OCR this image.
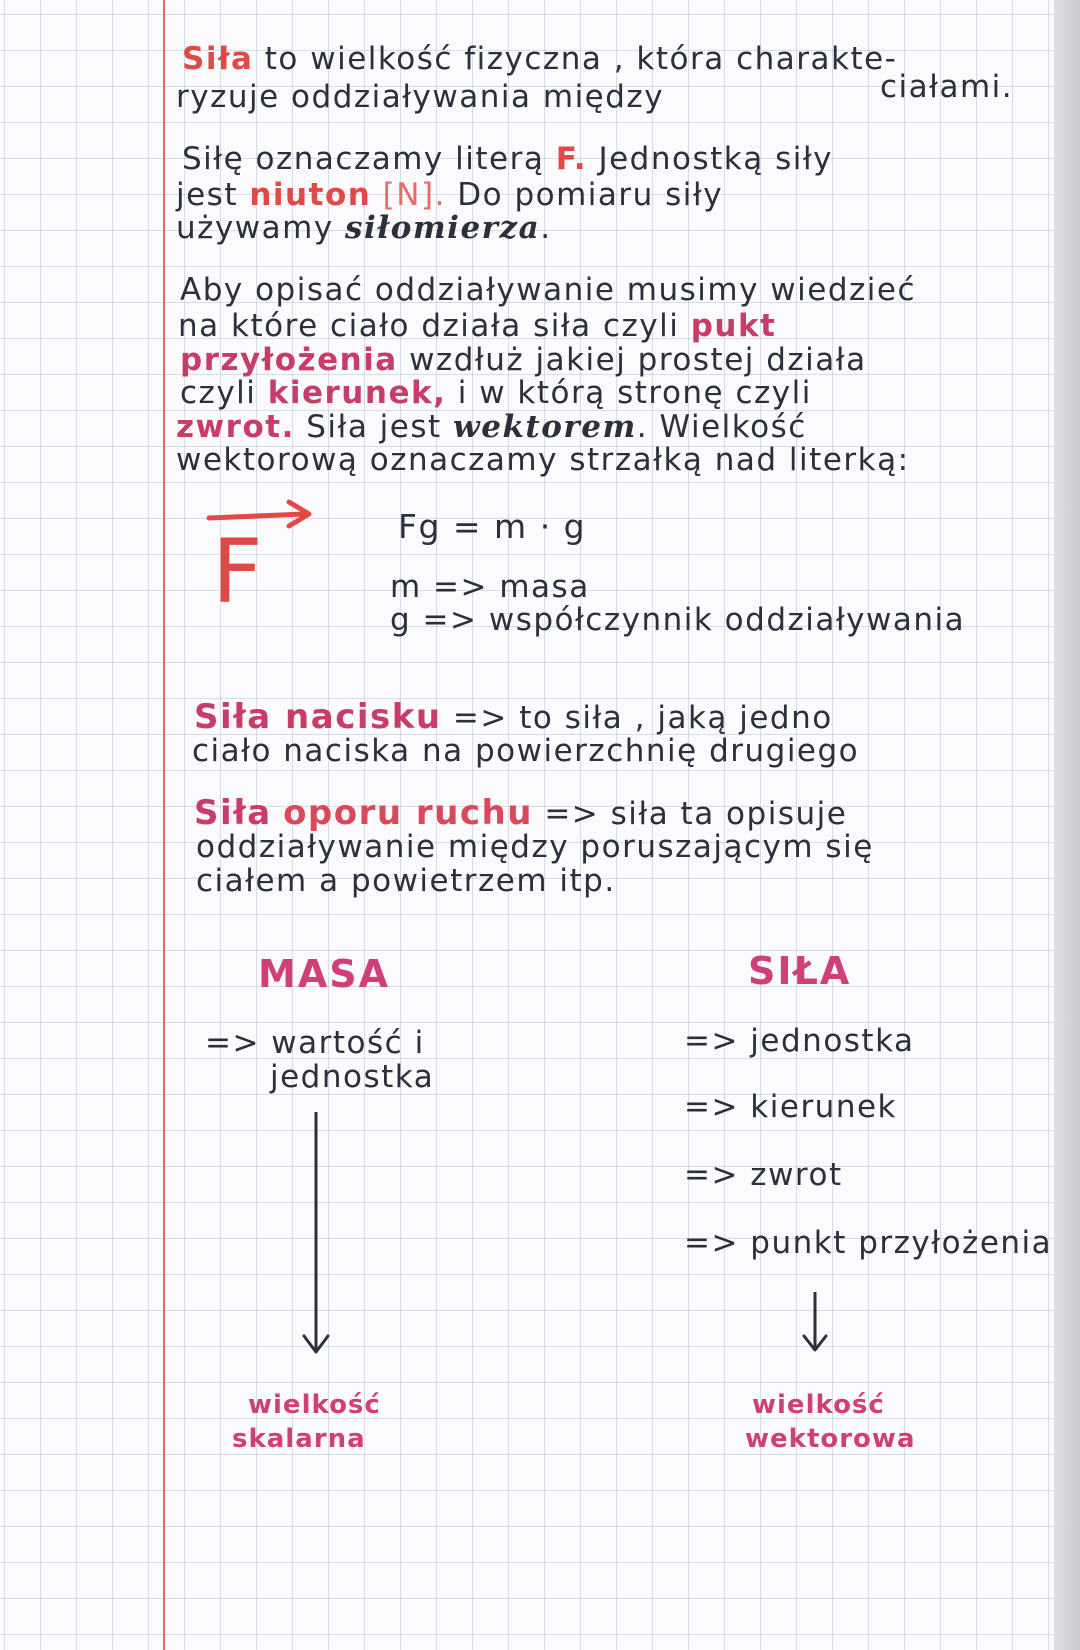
Siła to wielkość fizyczna , która charakte-
ryzuje oddziaływania między	ciałami.
Siłę oznaczamy literą F. Jednostką siły
jest niuton [N]. Do pomiaru siły
używamy siłomierza.
Aby opisać oddziaływanie musimy wiedzieć
na które ciało działa siła czyli pukt
przyłożenia wzdłuż jakiej prostej działa
czyli kierunek, i w którą stronę czyli
zwrot. Siła jest wektorem. Wielkość
wektorową oznaczamy strzałką nad literką:
F	Fg = m · g
m => masa
g => współczynnik oddziaływania
Siła nacisku => to siła , jaką jedno
ciało naciska na powierzchnię drugiego
Siła oporu ruchu => siła ta opisuje
oddziaływanie między poruszającym się
ciałem a powietrzem itp.
MASA
=> wartość i
jednostka
wielkość
skalarna
SIŁA
=> jednostka
=> kierunek
=> zwrot
=> punkt przyłożenia
wielkość
wektorowa
